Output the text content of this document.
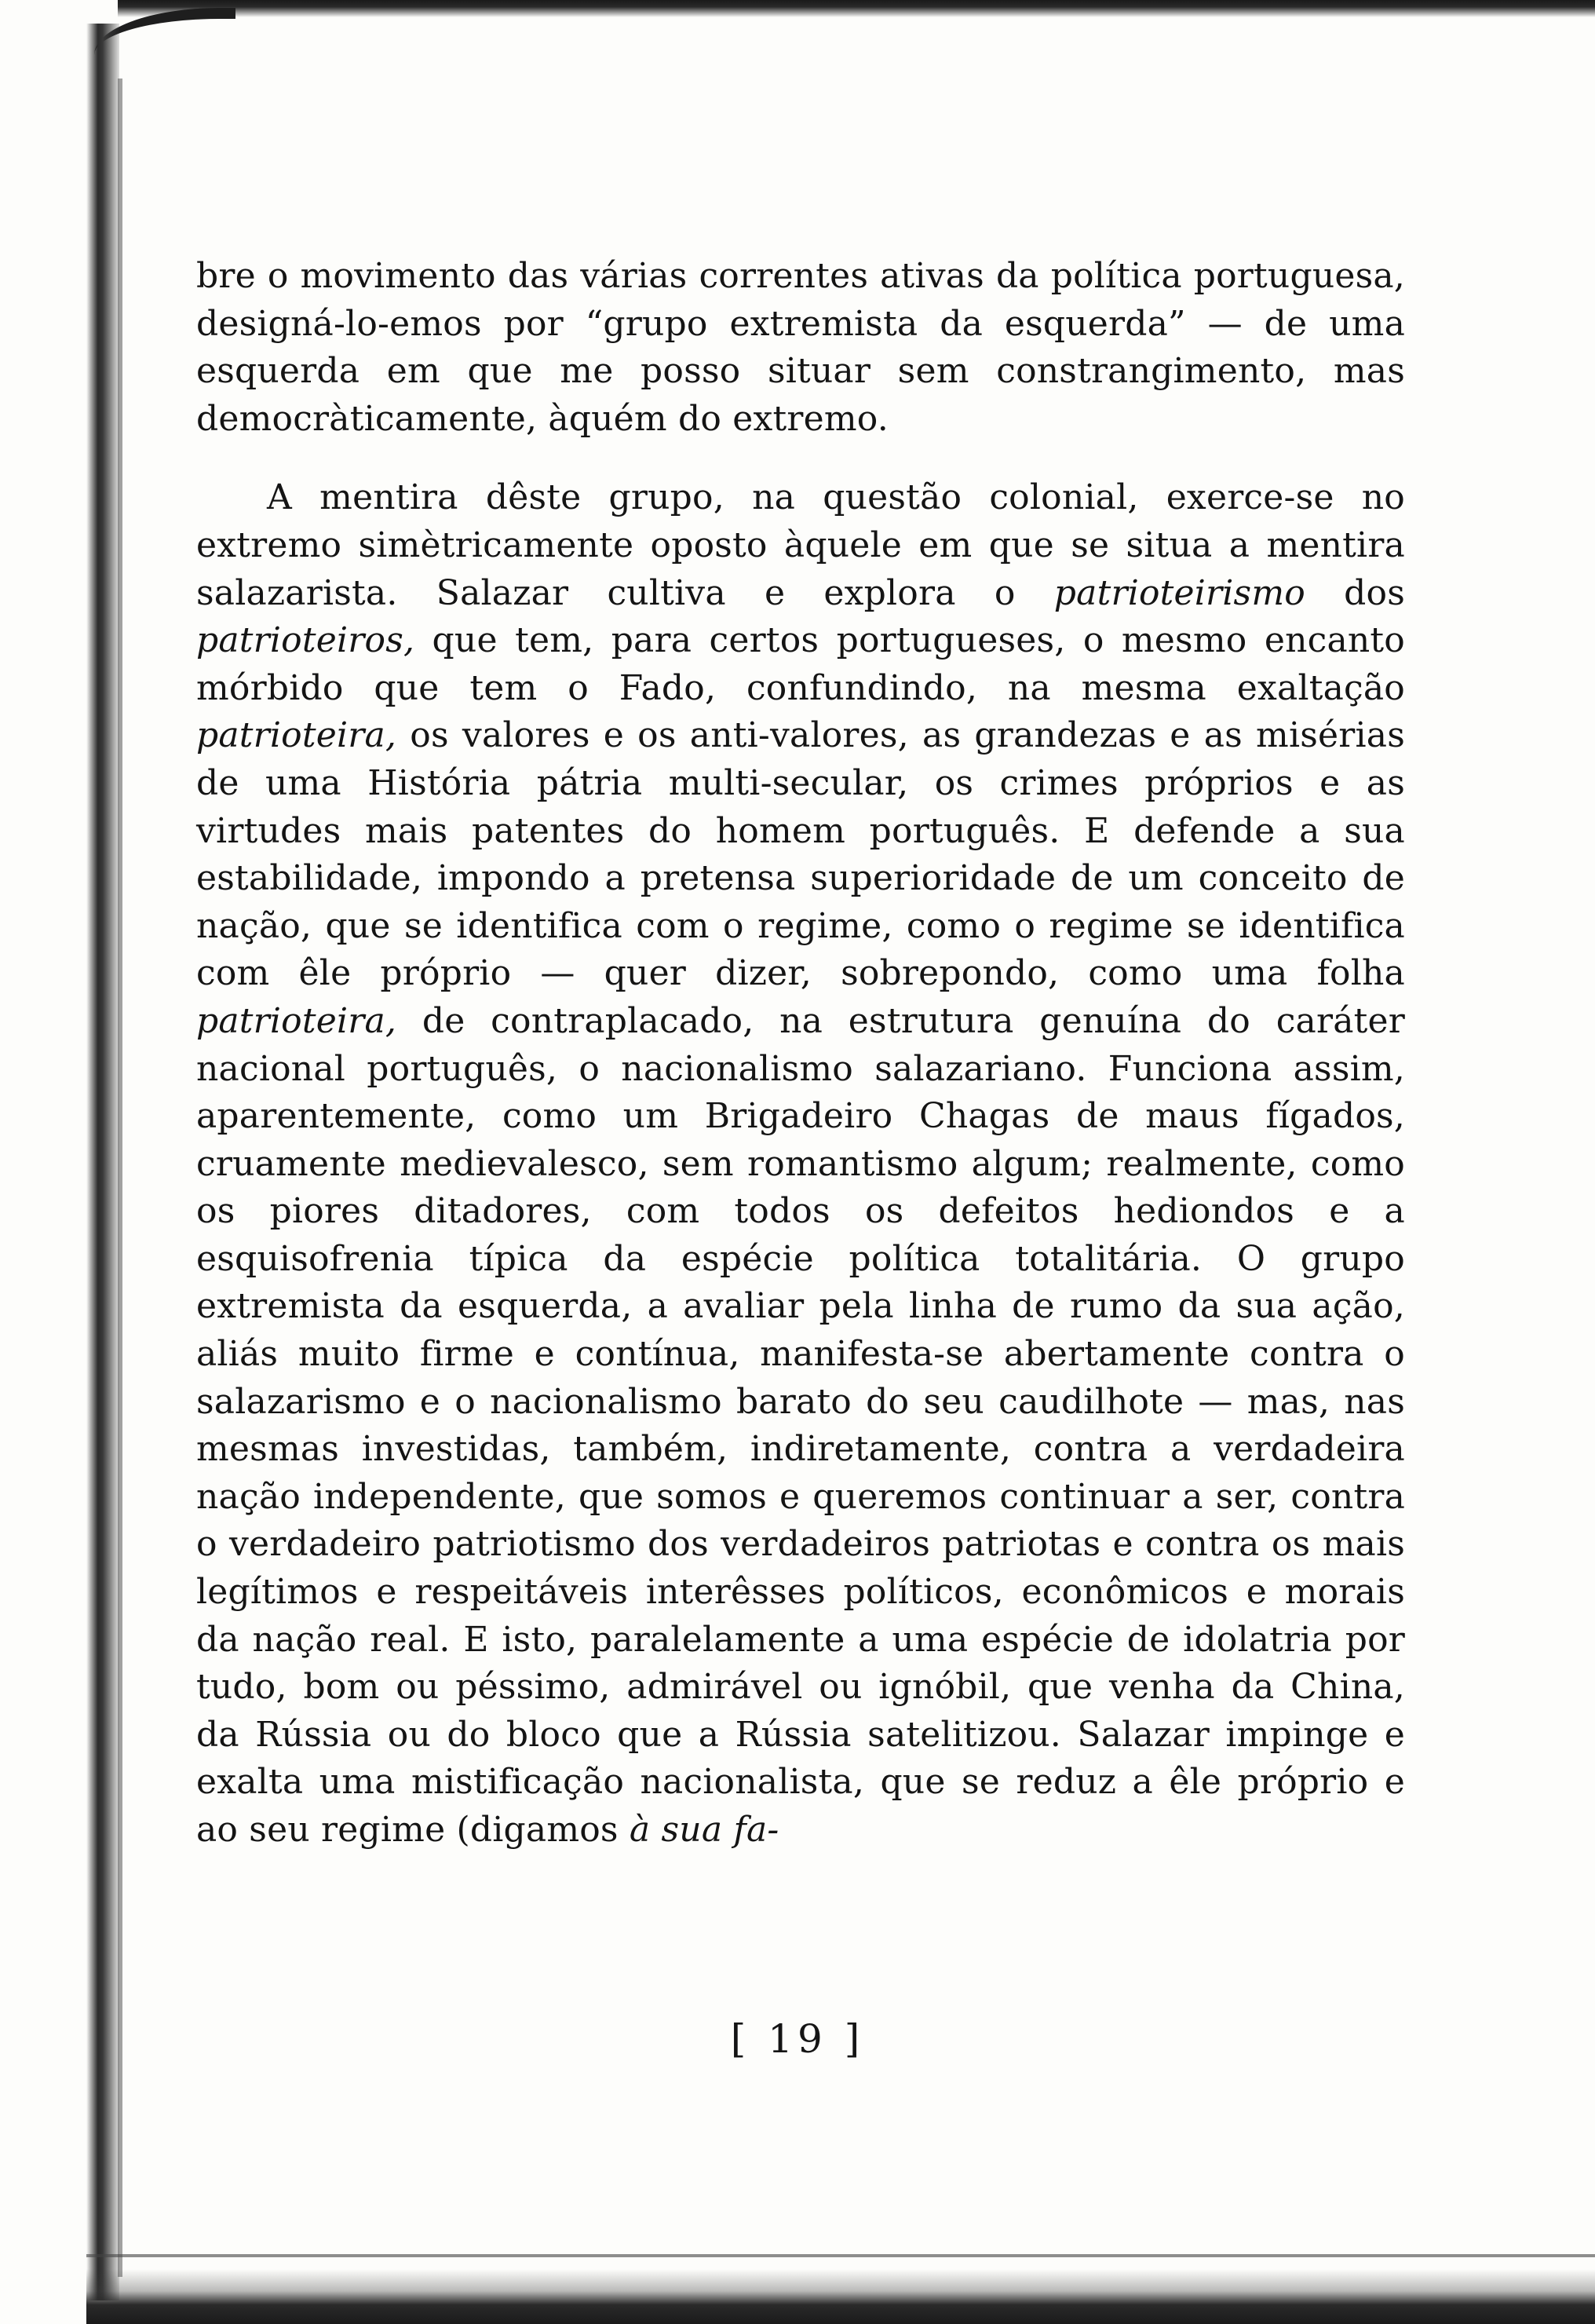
bre o movimento das várias correntes ativas da política portuguesa, designá-lo-emos por “grupo extremista da esquerda” — de uma esquerda em que me posso situar sem constrangimento, mas democràticamente, àquém do extremo.

A mentira dêste grupo, na questão colonial, exerce-se no extremo simètricamente oposto àquele em que se situa a mentira salazarista. Salazar cultiva e explora o patrioteirismo dos patrioteiros, que tem, para certos portugueses, o mesmo encanto mórbido que tem o Fado, confundindo, na mesma exaltação patrioteira, os valores e os anti-valores, as grandezas e as misérias de uma História pátria multi-secular, os crimes próprios e as virtudes mais patentes do homem português. E defende a sua estabilidade, impondo a pretensa superioridade de um conceito de nação, que se identifica com o regime, como o regime se identifica com êle próprio — quer dizer, sobrepondo, como uma folha patrioteira, de contraplacado, na estrutura genuína do caráter nacional português, o nacionalismo salazariano. Funciona assim, aparentemente, como um Brigadeiro Chagas de maus fígados, cruamente medievalesco, sem romantismo algum; realmente, como os piores ditadores, com todos os defeitos hediondos e a esquisofrenia típica da espécie política totalitária. O grupo extremista da esquerda, a avaliar pela linha de rumo da sua ação, aliás muito firme e contínua, manifesta-se abertamente contra o salazarismo e o nacionalismo barato do seu caudilhote — mas, nas mesmas investidas, também, indiretamente, contra a verdadeira nação independente, que somos e queremos continuar a ser, contra o verdadeiro patriotismo dos verdadeiros patriotas e contra os mais legítimos e respeitáveis interêsses políticos, econômicos e morais da nação real. E isto, paralelamente a uma espécie de idolatria por tudo, bom ou péssimo, admirável ou ignóbil, que venha da China, da Rússia ou do bloco que a Rússia satelitizou. Salazar impinge e exalta uma mistificação nacionalista, que se reduz a êle próprio e ao seu regime (digamos à sua fa-

[ 19 ]
